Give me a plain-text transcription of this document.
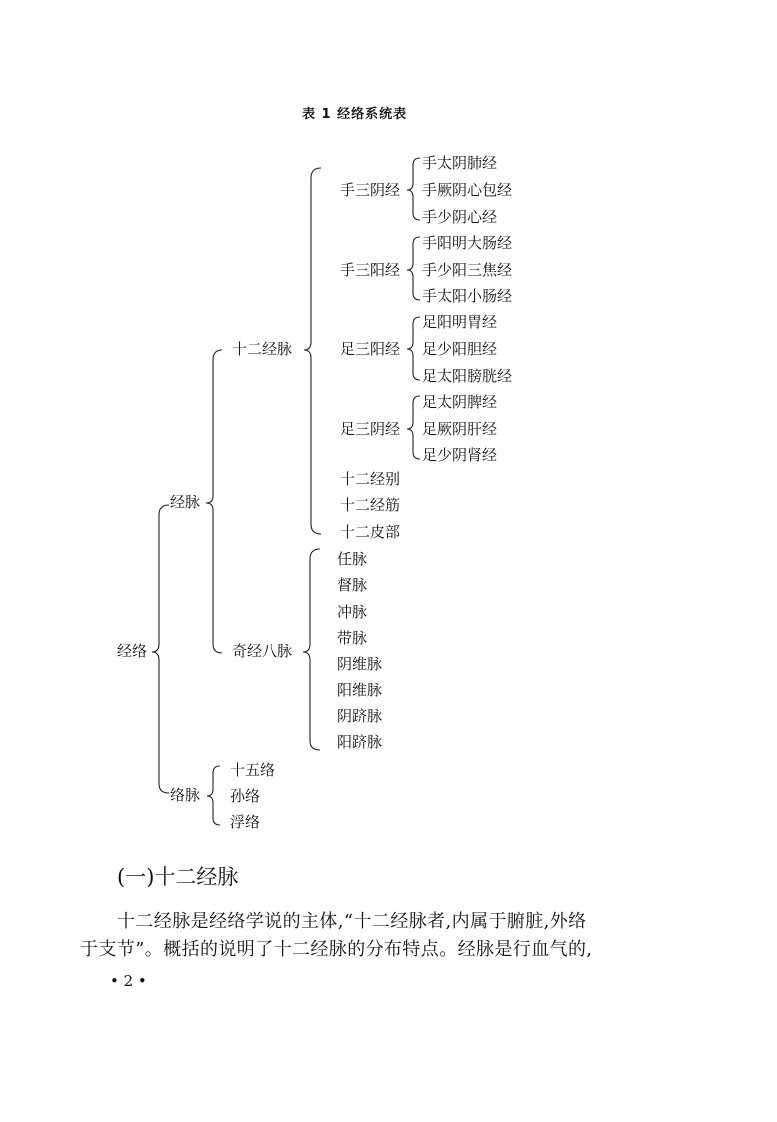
表 1 经络系统表
经络
经脉
十二经脉
奇经八脉
络脉
手三阴经
手三阳经
足三阳经
足三阴经
手太阴肺经
手厥阴心包经
手少阴心经
手阳明大肠经
手少阳三焦经
手太阳小肠经
足阳明胃经
足少阳胆经
足太阳膀胱经
足太阴脾经
足厥阴肝经
足少阴肾经
十二经别
十二经筋
十二皮部
任脉
督脉
冲脉
带脉
阴维脉
阳维脉
阴跻脉
阳跻脉
十五络
孙络
浮络
(一)十二经脉
十二经脉是经络学说的主体,“十二经脉者,内属于腑脏,外络
于支节”。概括的说明了十二经脉的分布特点。经脉是行血气的,
• 2 •
